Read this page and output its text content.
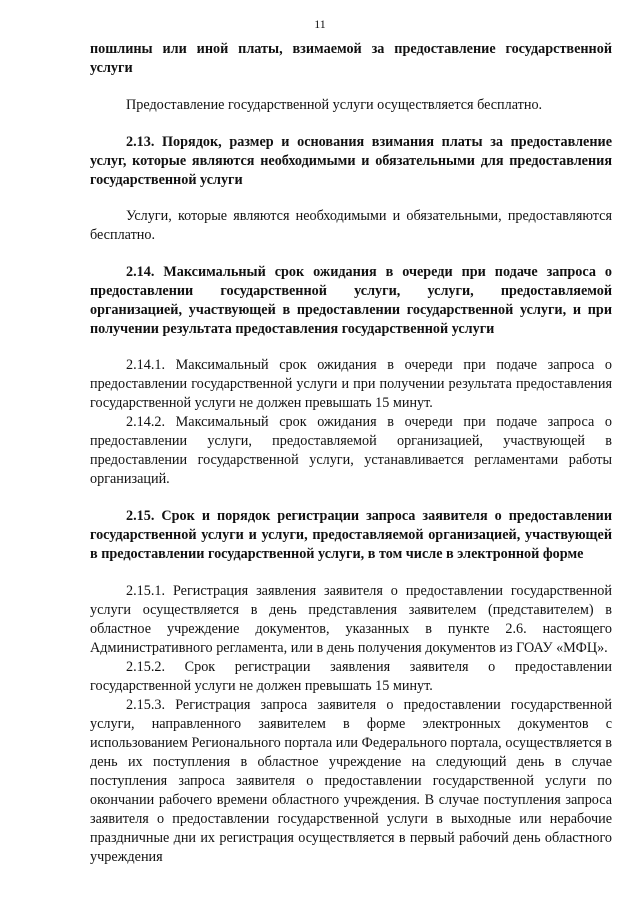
11

пошлины или иной платы, взимаемой за предоставление государственной услуги

Предоставление государственной услуги осуществляется бесплатно.

2.13. Порядок, размер и основания взимания платы за предоставление услуг, которые являются необходимыми и обязательными для предоставления государственной услуги

Услуги, которые являются необходимыми и обязательными, предоставляются бесплатно.

2.14. Максимальный срок ожидания в очереди при подаче запроса о предоставлении государственной услуги, услуги, предоставляемой организацией, участвующей в предоставлении государственной услуги, и при получении результата предоставления государственной услуги

2.14.1. Максимальный срок ожидания в очереди при подаче запроса о предоставлении государственной услуги и при получении результата предоставления государственной услуги не должен превышать 15 минут.

2.14.2. Максимальный срок ожидания в очереди при подаче запроса о предоставлении услуги, предоставляемой организацией, участвующей в предоставлении государственной услуги, устанавливается регламентами работы организаций.

2.15. Срок и порядок регистрации запроса заявителя о предоставлении государственной услуги и услуги, предоставляемой организацией, участвующей в предоставлении государственной услуги, в том числе в электронной форме

2.15.1. Регистрация заявления заявителя о предоставлении государственной услуги осуществляется в день представления заявителем (представителем) в областное учреждение документов, указанных в пункте 2.6. настоящего Административного регламента, или в день получения документов из ГОАУ «МФЦ».

2.15.2. Срок регистрации заявления заявителя о предоставлении государственной услуги не должен превышать 15 минут.

2.15.3. Регистрация запроса заявителя о предоставлении государственной услуги, направленного заявителем в форме электронных документов с использованием Регионального портала или Федерального портала, осуществляется в день их поступления в областное учреждение на следующий день в случае поступления запроса заявителя о предоставлении государственной услуги по окончании рабочего времени областного учреждения. В случае поступления запроса заявителя о предоставлении государственной услуги в выходные или нерабочие праздничные дни их регистрация осуществляется в первый рабочий день областного учреждения
